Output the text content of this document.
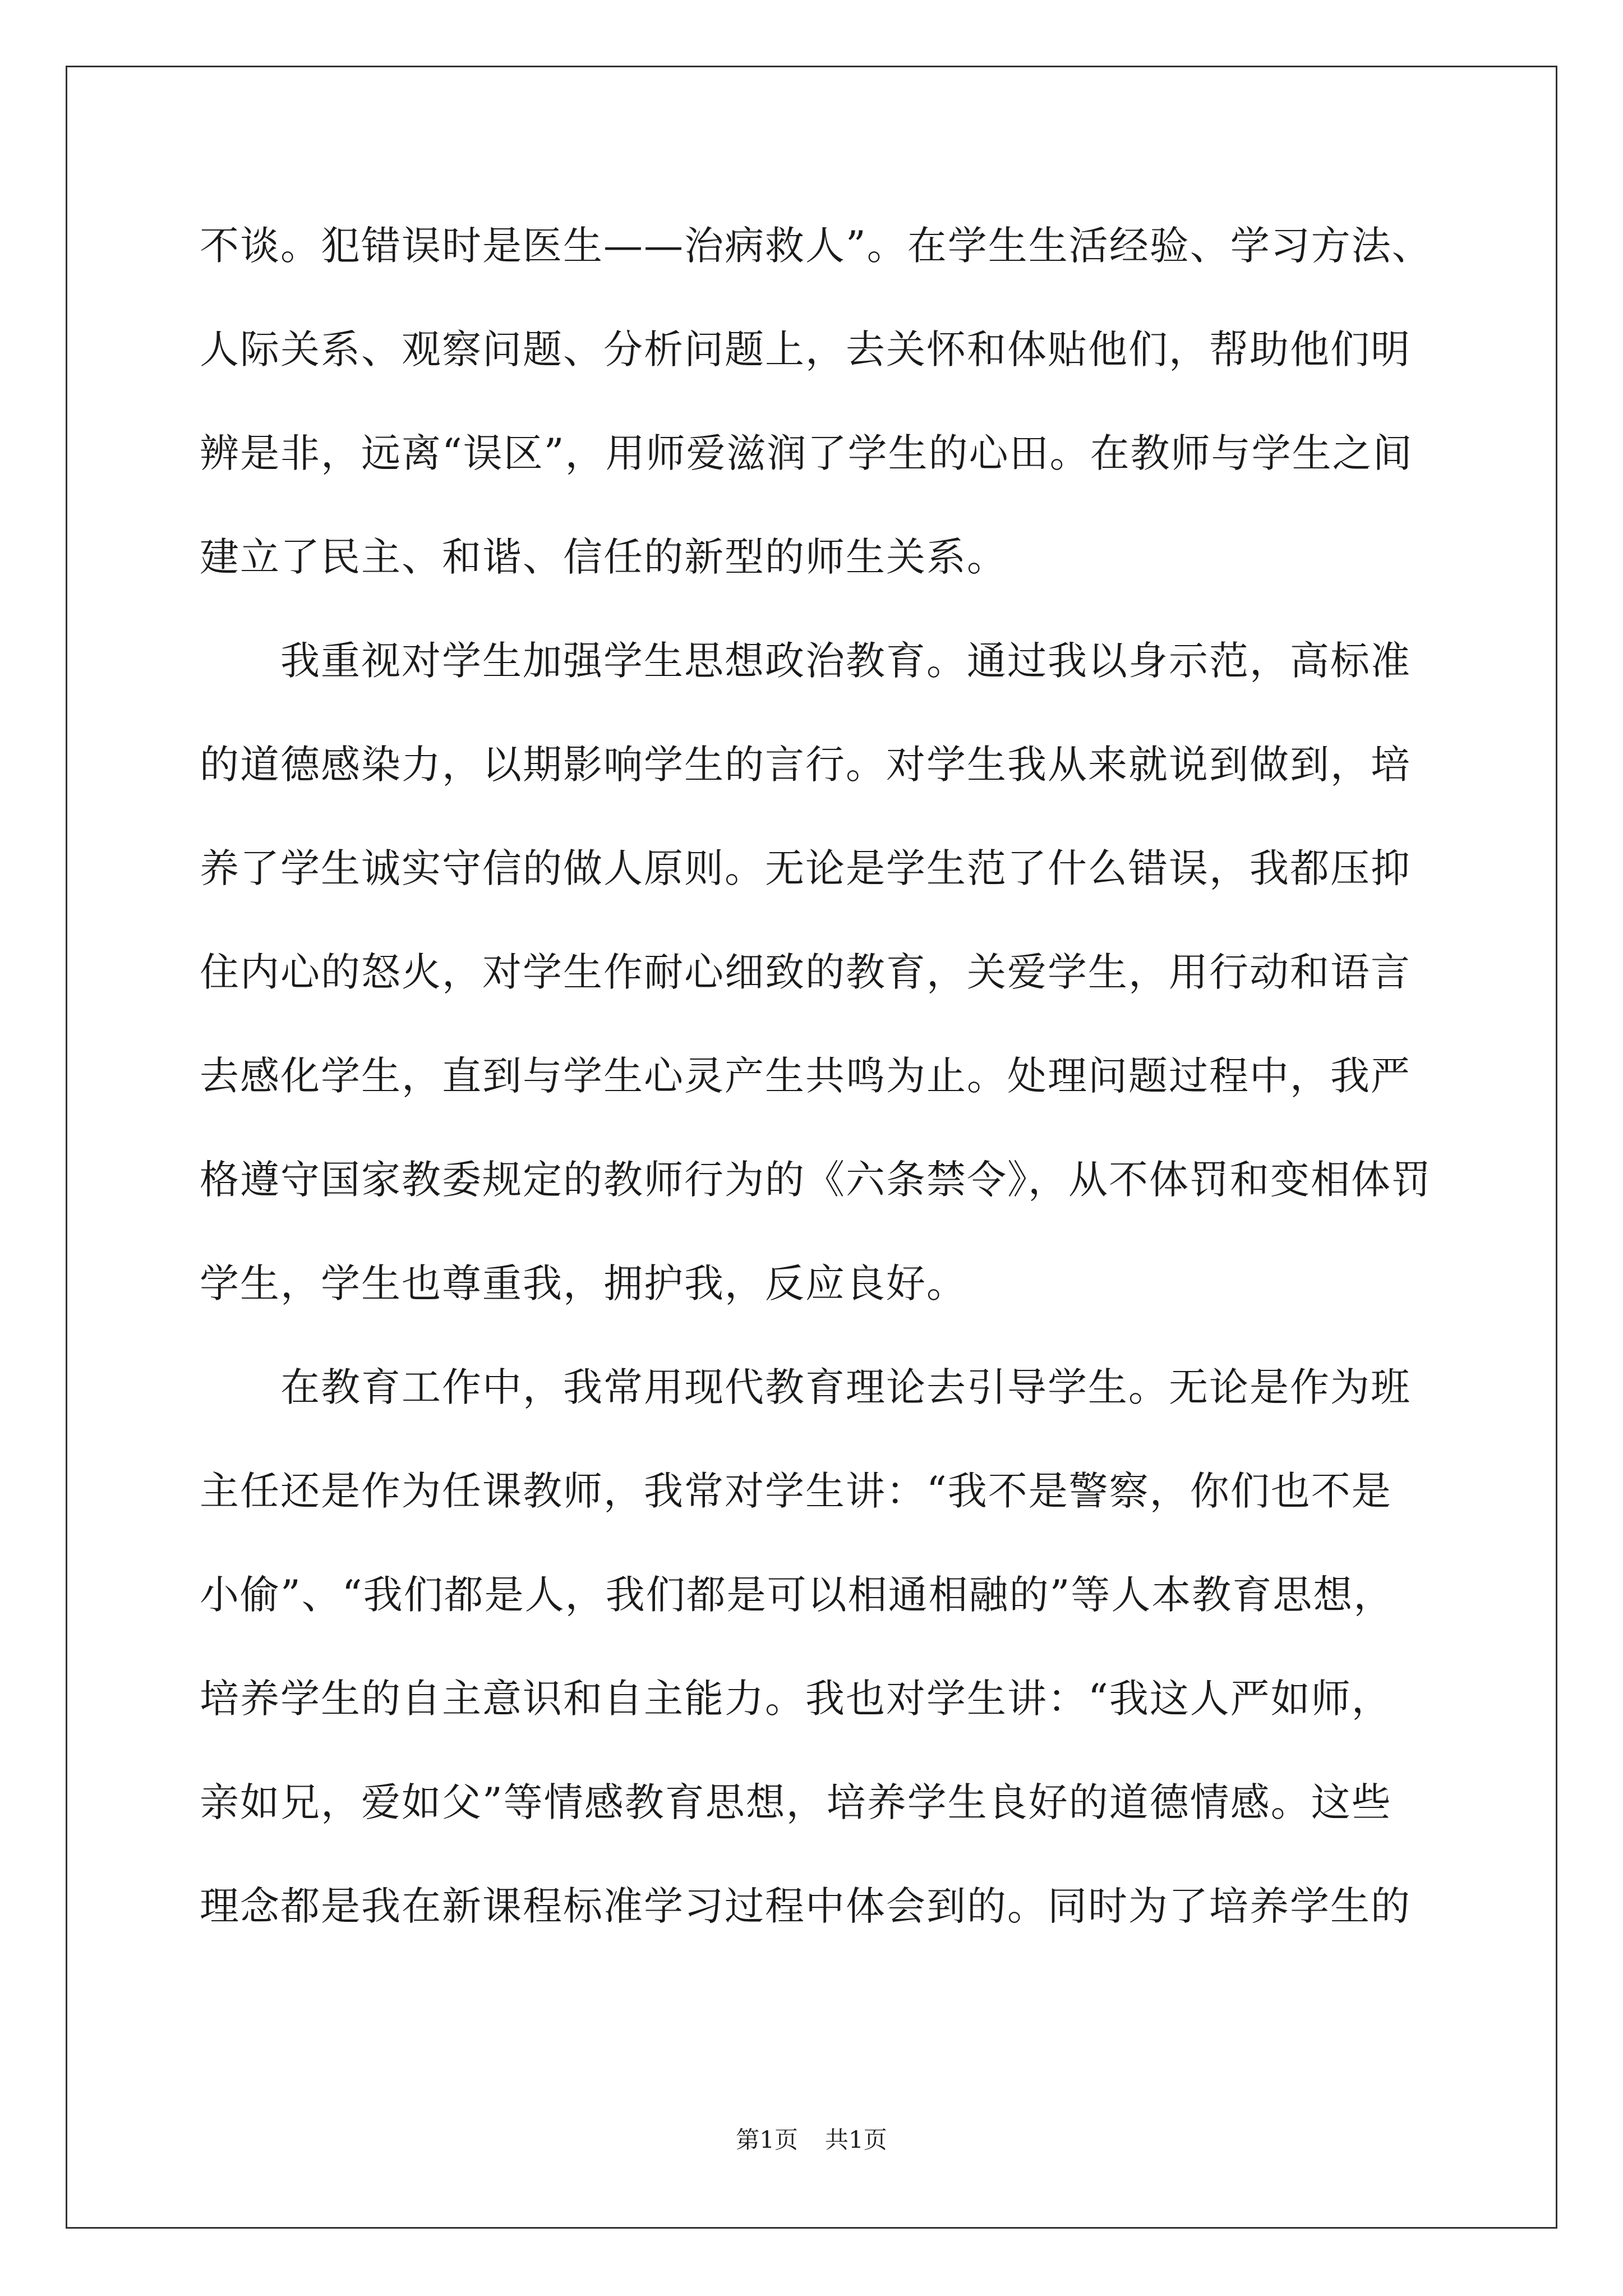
不谈。犯错误时是医生——治病救人”。在学生生活经验、学习方法、
人际关系、观察问题、分析问题上，去关怀和体贴他们，帮助他们明
辨是非，远离“误区”，用师爱滋润了学生的心田。在教师与学生之间
建立了民主、和谐、信任的新型的师生关系。
　　我重视对学生加强学生思想政治教育。通过我以身示范，高标准
的道德感染力，以期影响学生的言行。对学生我从来就说到做到，培
养了学生诚实守信的做人原则。无论是学生范了什么错误，我都压抑
住内心的怒火，对学生作耐心细致的教育，关爱学生，用行动和语言
去感化学生，直到与学生心灵产生共鸣为止。处理问题过程中，我严
格遵守国家教委规定的教师行为的《六条禁令》，从不体罚和变相体罚
学生，学生也尊重我，拥护我，反应良好。
　　在教育工作中，我常用现代教育理论去引导学生。无论是作为班
主任还是作为任课教师，我常对学生讲：“我不是警察，你们也不是
小偷”、“我们都是人，我们都是可以相通相融的”等人本教育思想，
培养学生的自主意识和自主能力。我也对学生讲：“我这人严如师，
亲如兄，爱如父”等情感教育思想，培养学生良好的道德情感。这些
理念都是我在新课程标准学习过程中体会到的。同时为了培养学生的
第1页 共1页
